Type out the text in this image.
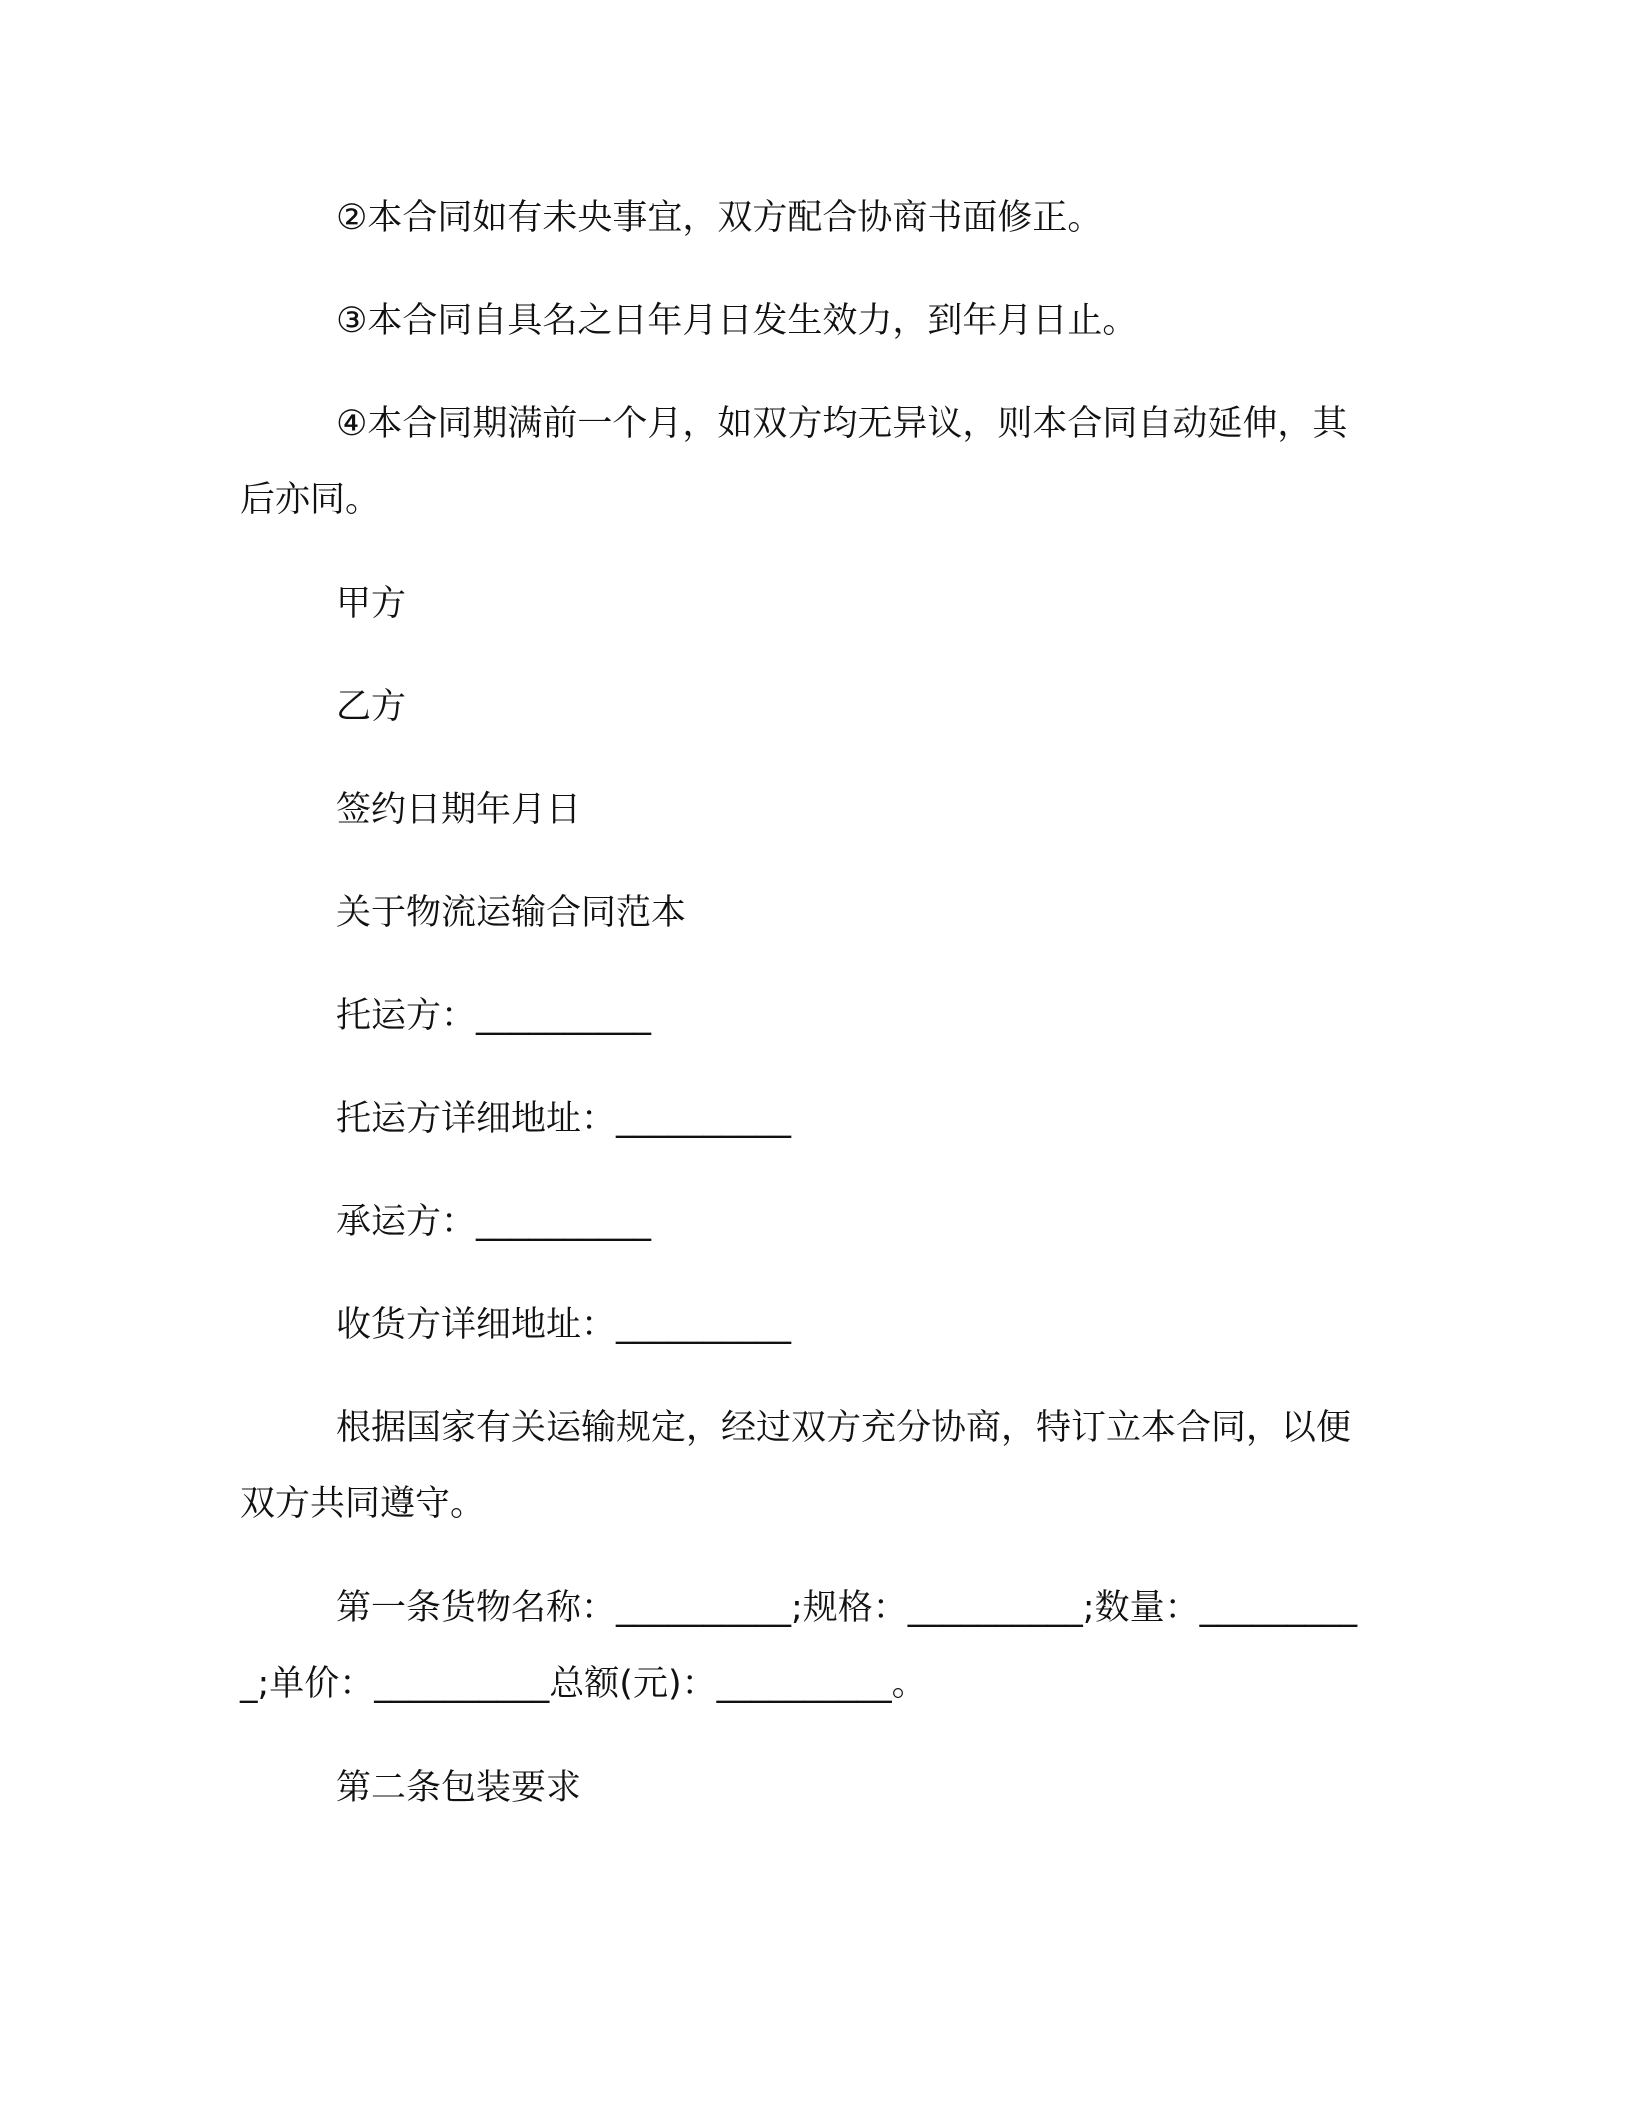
②本合同如有未央事宜，双方配合协商书面修正。

③本合同自具名之日年月日发生效力，到年月日止。

④本合同期满前一个月，如双方均无异议，则本合同自动延伸，其后亦同。

甲方

乙方

签约日期年月日

关于物流运输合同范本

托运方：__________

托运方详细地址：__________

承运方：__________

收货方详细地址：__________

根据国家有关运输规定，经过双方充分协商，特订立本合同，以便双方共同遵守。

第一条货物名称：__________;规格：__________;数量：__________;单价：__________总额(元)：__________。

第二条包装要求
